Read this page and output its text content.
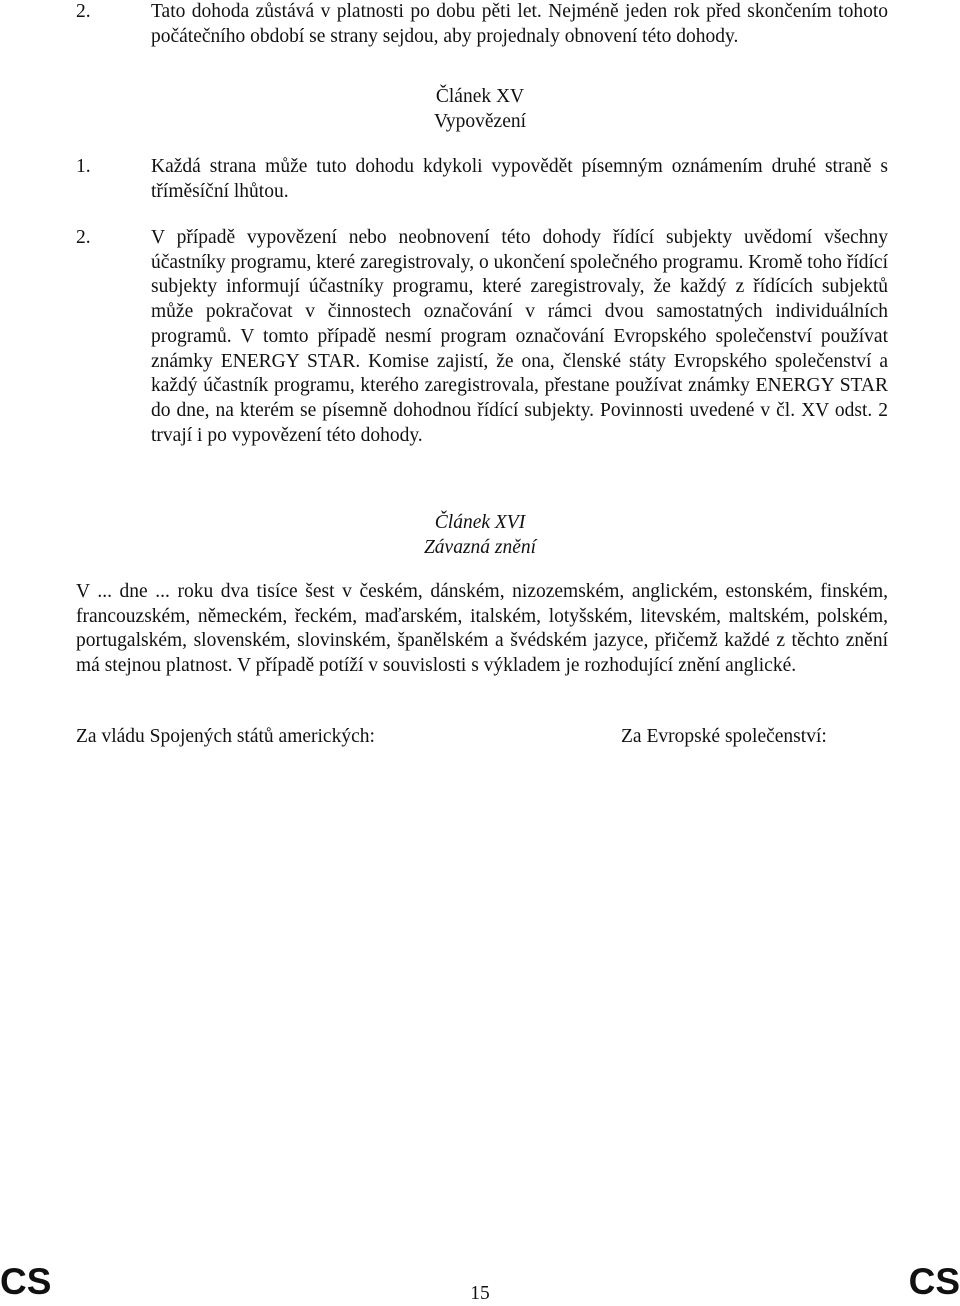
2.	Tato dohoda zůstává v platnosti po dobu pěti let. Nejméně jeden rok před skončením tohoto počátečního období se strany sejdou, aby projednaly obnovení této dohody.
Článek XV
Vypovězení
1.	Každá strana může tuto dohodu kdykoli vypovědět písemným oznámením druhé straně s tříměsíční lhůtou.
2.	V případě vypovězení nebo neobnovení této dohody řídící subjekty uvědomí všechny účastníky programu, které zaregistrovaly, o ukončení společného programu. Kromě toho řídící subjekty informují účastníky programu, které zaregistrovaly, že každý z řídících subjektů může pokračovat v činnostech označování v rámci dvou samostatných individuálních programů. V tomto případě nesmí program označování Evropského společenství používat známky ENERGY STAR. Komise zajistí, že ona, členské státy Evropského společenství a každý účastník programu, kterého zaregistrovala, přestane používat známky ENERGY STAR do dne, na kterém se písemně dohodnou řídící subjekty. Povinnosti uvedené v čl. XV odst. 2 trvají i po vypovězení této dohody.
Článek XVI
Závazná znění
V ... dne ... roku dva tisíce šest v českém, dánském, nizozemském, anglickém, estonském, finském, francouzském, německém, řeckém, maďarském, italském, lotyšském, litevském, maltském, polském, portugalském, slovenském, slovinském, španělském a švédském jazyce, přičemž každé z těchto znění má stejnou platnost. V případě potíží v souvislosti s výkladem je rozhodující znění anglické.
Za vládu Spojených států amerických:	Za Evropské společenství:
CS	15	CS
